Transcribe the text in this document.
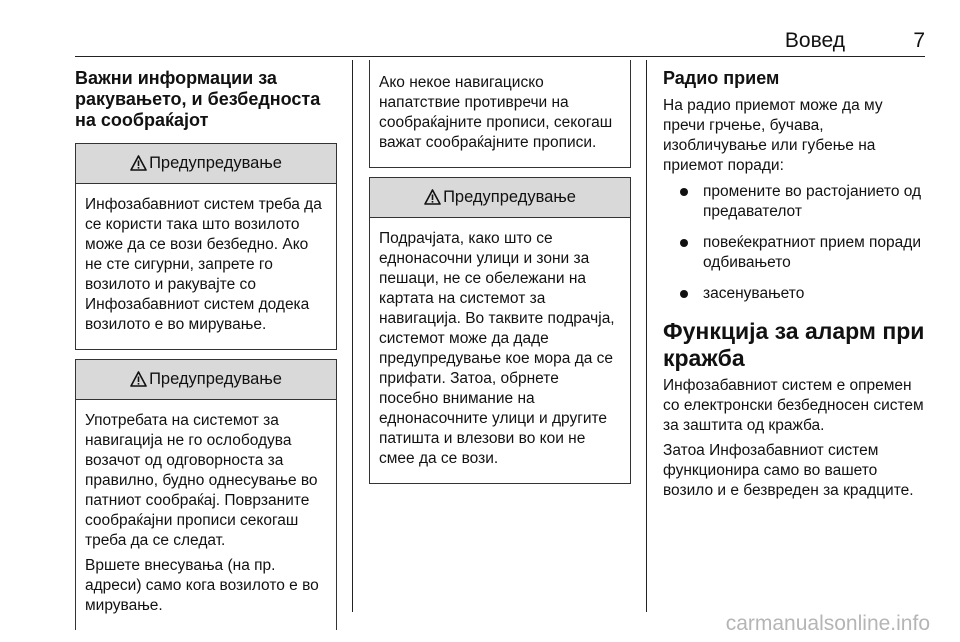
Вовед	7
Важни информации за ракувањето, и безбедноста на сообраќајот
Предупредување

Инфозабавниот систем треба да се користи така што возилото може да се вози безбедно. Ако не сте сигурни, запрете го возилото и ракувајте со Инфозабавниот систем додека возилото е во мирување.

Предупредување

Употребата на системот за навигација не го ослободува возачот од одговорноста за правилно, будно однесување во патниот сообраќај. Поврзаните сообраќајни прописи секогаш треба да се следат.

Вршете внесувања (на пр. адреси) само кога возилото е во мирување.

Ако некое навигациско напатствие противречи на сообраќајните прописи, секогаш важат сообраќајните прописи.

Предупредување

Подрачјата, како што се еднонасочни улици и зони за пешаци, не се обележани на картата на системот за навигација. Во таквите подрачја, системот може да даде предупредување кое мора да се прифати. Затоа, обрнете посебно внимание на еднонасочните улици и другите патишта и влезови во кои не смее да се вози.

Радио прием

На радио приемот може да му пречи грчење, бучава, изобличување или губење на приемот поради:

промените во растојанието од предавателот
повеќекратниот прием поради одбивањето
засенувањето
Функција за аларм при кражба

Инфозабавниот систем е опремен со електронски безбедносен систем за заштита од кражба.

Затоа Инфозабавниот систем функционира само во вашето возило и е безвреден за крадците.

carmanualsonline.info
